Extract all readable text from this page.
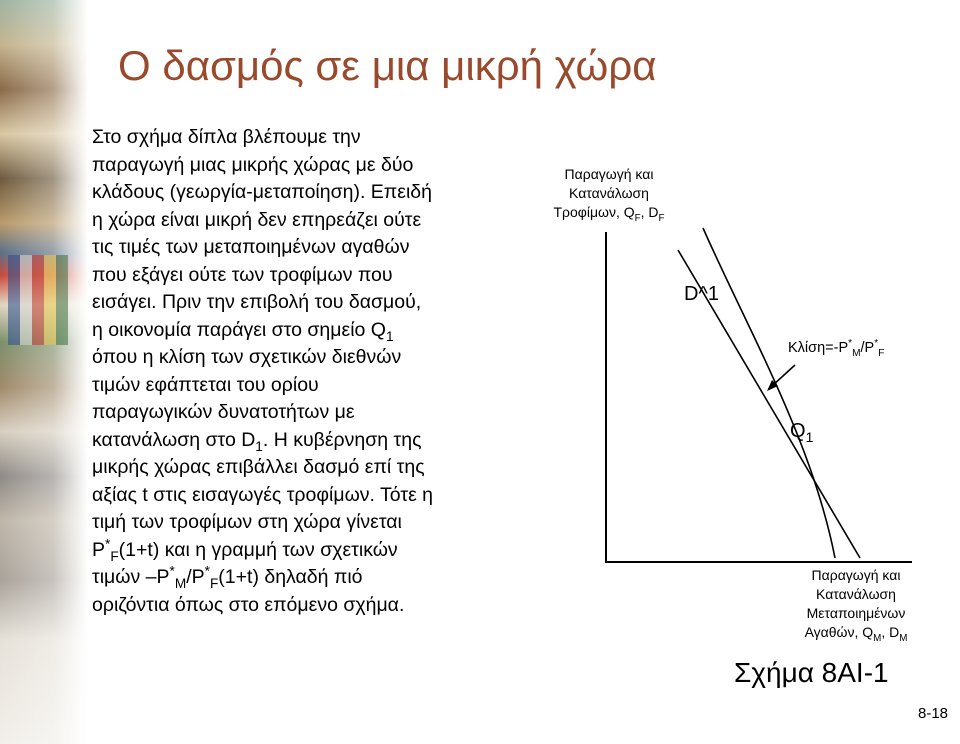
Ο δασμός σε μια μικρή χώρα
Στο σχήμα δίπλα βλέπουμε την
παραγωγή μιας μικρής χώρας με δύο
κλάδους (γεωργία-μεταποίηση). Επειδή
η χώρα είναι μικρή δεν επηρεάζει ούτε
τις τιμές των μεταποιημένων αγαθών
που εξάγει ούτε των τροφίμων που
εισάγει. Πριν την επιβολή του δασμού,
η οικονομία παράγει στο σημείο $Q_1$
όπου η κλίση των σχετικών διεθνών
τιμών εφάπτεται του ορίου
παραγωγικών δυνατοτήτων με
κατανάλωση στο $D_1$. Η κυβέρνηση της
μικρής χώρας επιβάλλει δασμό επί της
αξίας t στις εισαγωγές τροφίμων. Τότε η
τιμή των τροφίμων στη χώρα γίνεται
$P^*_F(1+t)$ και η γραμμή των σχετικών
τιμών $-P^*_M/P^*_F(1+t)$ δηλαδή πιό
οριζόντια όπως στο επόμενο σχήμα.
Παραγωγή και
Κατανάλωση
Τροφίμων, $Q_F$, $D_F$
D^1
$K\lambda ί\sigma\eta=-P^*_M/P^*_F$
$Q_1$
Παραγωγή και
Κατανάλωση
Μεταποιημένων
Αγαθών, $Q_M$, $D_M$
Σχήμα 8AI-1
8-18
